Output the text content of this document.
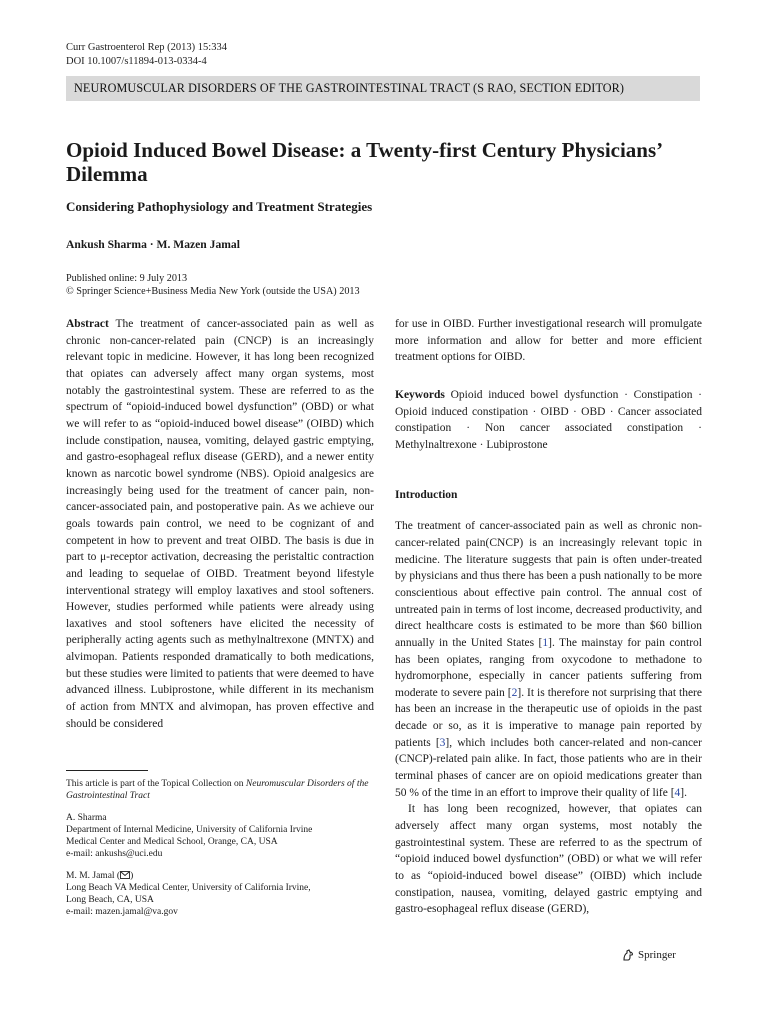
Curr Gastroenterol Rep (2013) 15:334
DOI 10.1007/s11894-013-0334-4
NEUROMUSCULAR DISORDERS OF THE GASTROINTESTINAL TRACT (S RAO, SECTION EDITOR)
Opioid Induced Bowel Disease: a Twenty-first Century Physicians’ Dilemma
Considering Pathophysiology and Treatment Strategies
Ankush Sharma · M. Mazen Jamal
Published online: 9 July 2013
© Springer Science+Business Media New York (outside the USA) 2013

Abstract The treatment of cancer-associated pain as well as chronic non-cancer-related pain (CNCP) is an increasingly relevant topic in medicine. However, it has long been recognized that opiates can adversely affect many organ systems, most notably the gastrointestinal system. These are referred to as the spectrum of “opioid-induced bowel dysfunction” (OBD) or what we will refer to as “opioid-induced bowel disease” (OIBD) which include constipation, nausea, vomiting, delayed gastric emptying, and gastro-esophageal reflux disease (GERD), and a newer entity known as narcotic bowel syndrome (NBS). Opioid analgesics are increasingly being used for the treatment of cancer pain, non-cancer-associated pain, and postoperative pain. As we achieve our goals towards pain control, we need to be cognizant of and competent in how to prevent and treat OIBD. The basis is due in part to μ-receptor activation, decreasing the peristaltic contraction and leading to sequelae of OIBD. Treatment beyond lifestyle interventional strategy will employ laxatives and stool softeners. However, studies performed while patients were already using laxatives and stool softeners have elicited the necessity of peripherally acting agents such as methylnaltrexone (MNTX) and alvimopan. Patients responded dramatically to both medications, but these studies were limited to patients that were deemed to have advanced illness. Lubiprostone, while different in its mechanism of action from MNTX and alvimopan, has proven effective and should be considered

This article is part of the Topical Collection on Neuromuscular Disorders of the Gastrointestinal Tract
A. Sharma
Department of Internal Medicine, University of California Irvine
Medical Center and Medical School, Orange, CA, USA
e-mail: ankushs@uci.edu
M. M. Jamal ( )
Long Beach VA Medical Center, University of California Irvine,
Long Beach, CA, USA
e-mail: mazen.jamal@va.gov

for use in OIBD. Further investigational research will promulgate more information and allow for better and more efficient treatment options for OIBD.

Keywords Opioid induced bowel dysfunction · Constipation · Opioid induced constipation · OIBD · OBD · Cancer associated constipation · Non cancer associated constipation · Methylnaltrexone · Lubiprostone

Introduction

The treatment of cancer-associated pain as well as chronic non-cancer-related pain(CNCP) is an increasingly relevant topic in medicine. The literature suggests that pain is often under-treated by physicians and thus there has been a push nationally to be more conscientious about effective pain control. The annual cost of untreated pain in terms of lost income, decreased productivity, and direct healthcare costs is estimated to be more than $60 billion annually in the United States [1]. The mainstay for pain control has been opiates, ranging from oxycodone to methadone to hydromorphone, especially in cancer patients suffering from moderate to severe pain [2]. It is therefore not surprising that there has been an increase in the therapeutic use of opioids in the past decade or so, as it is imperative to manage pain reported by patients [3], which includes both cancer-related and non-cancer (CNCP)-related pain alike. In fact, those patients who are in their terminal phases of cancer are on opioid medications greater than 50 % of the time in an effort to improve their quality of life [4].

It has long been recognized, however, that opiates can adversely affect many organ systems, most notably the gastrointestinal system. These are referred to as the spectrum of “opioid induced bowel dysfunction” (OBD) or what we will refer to as “opioid-induced bowel disease” (OIBD) which include constipation, nausea, vomiting, delayed gastric emptying and gastro-esophageal reflux disease (GERD),

Springer
